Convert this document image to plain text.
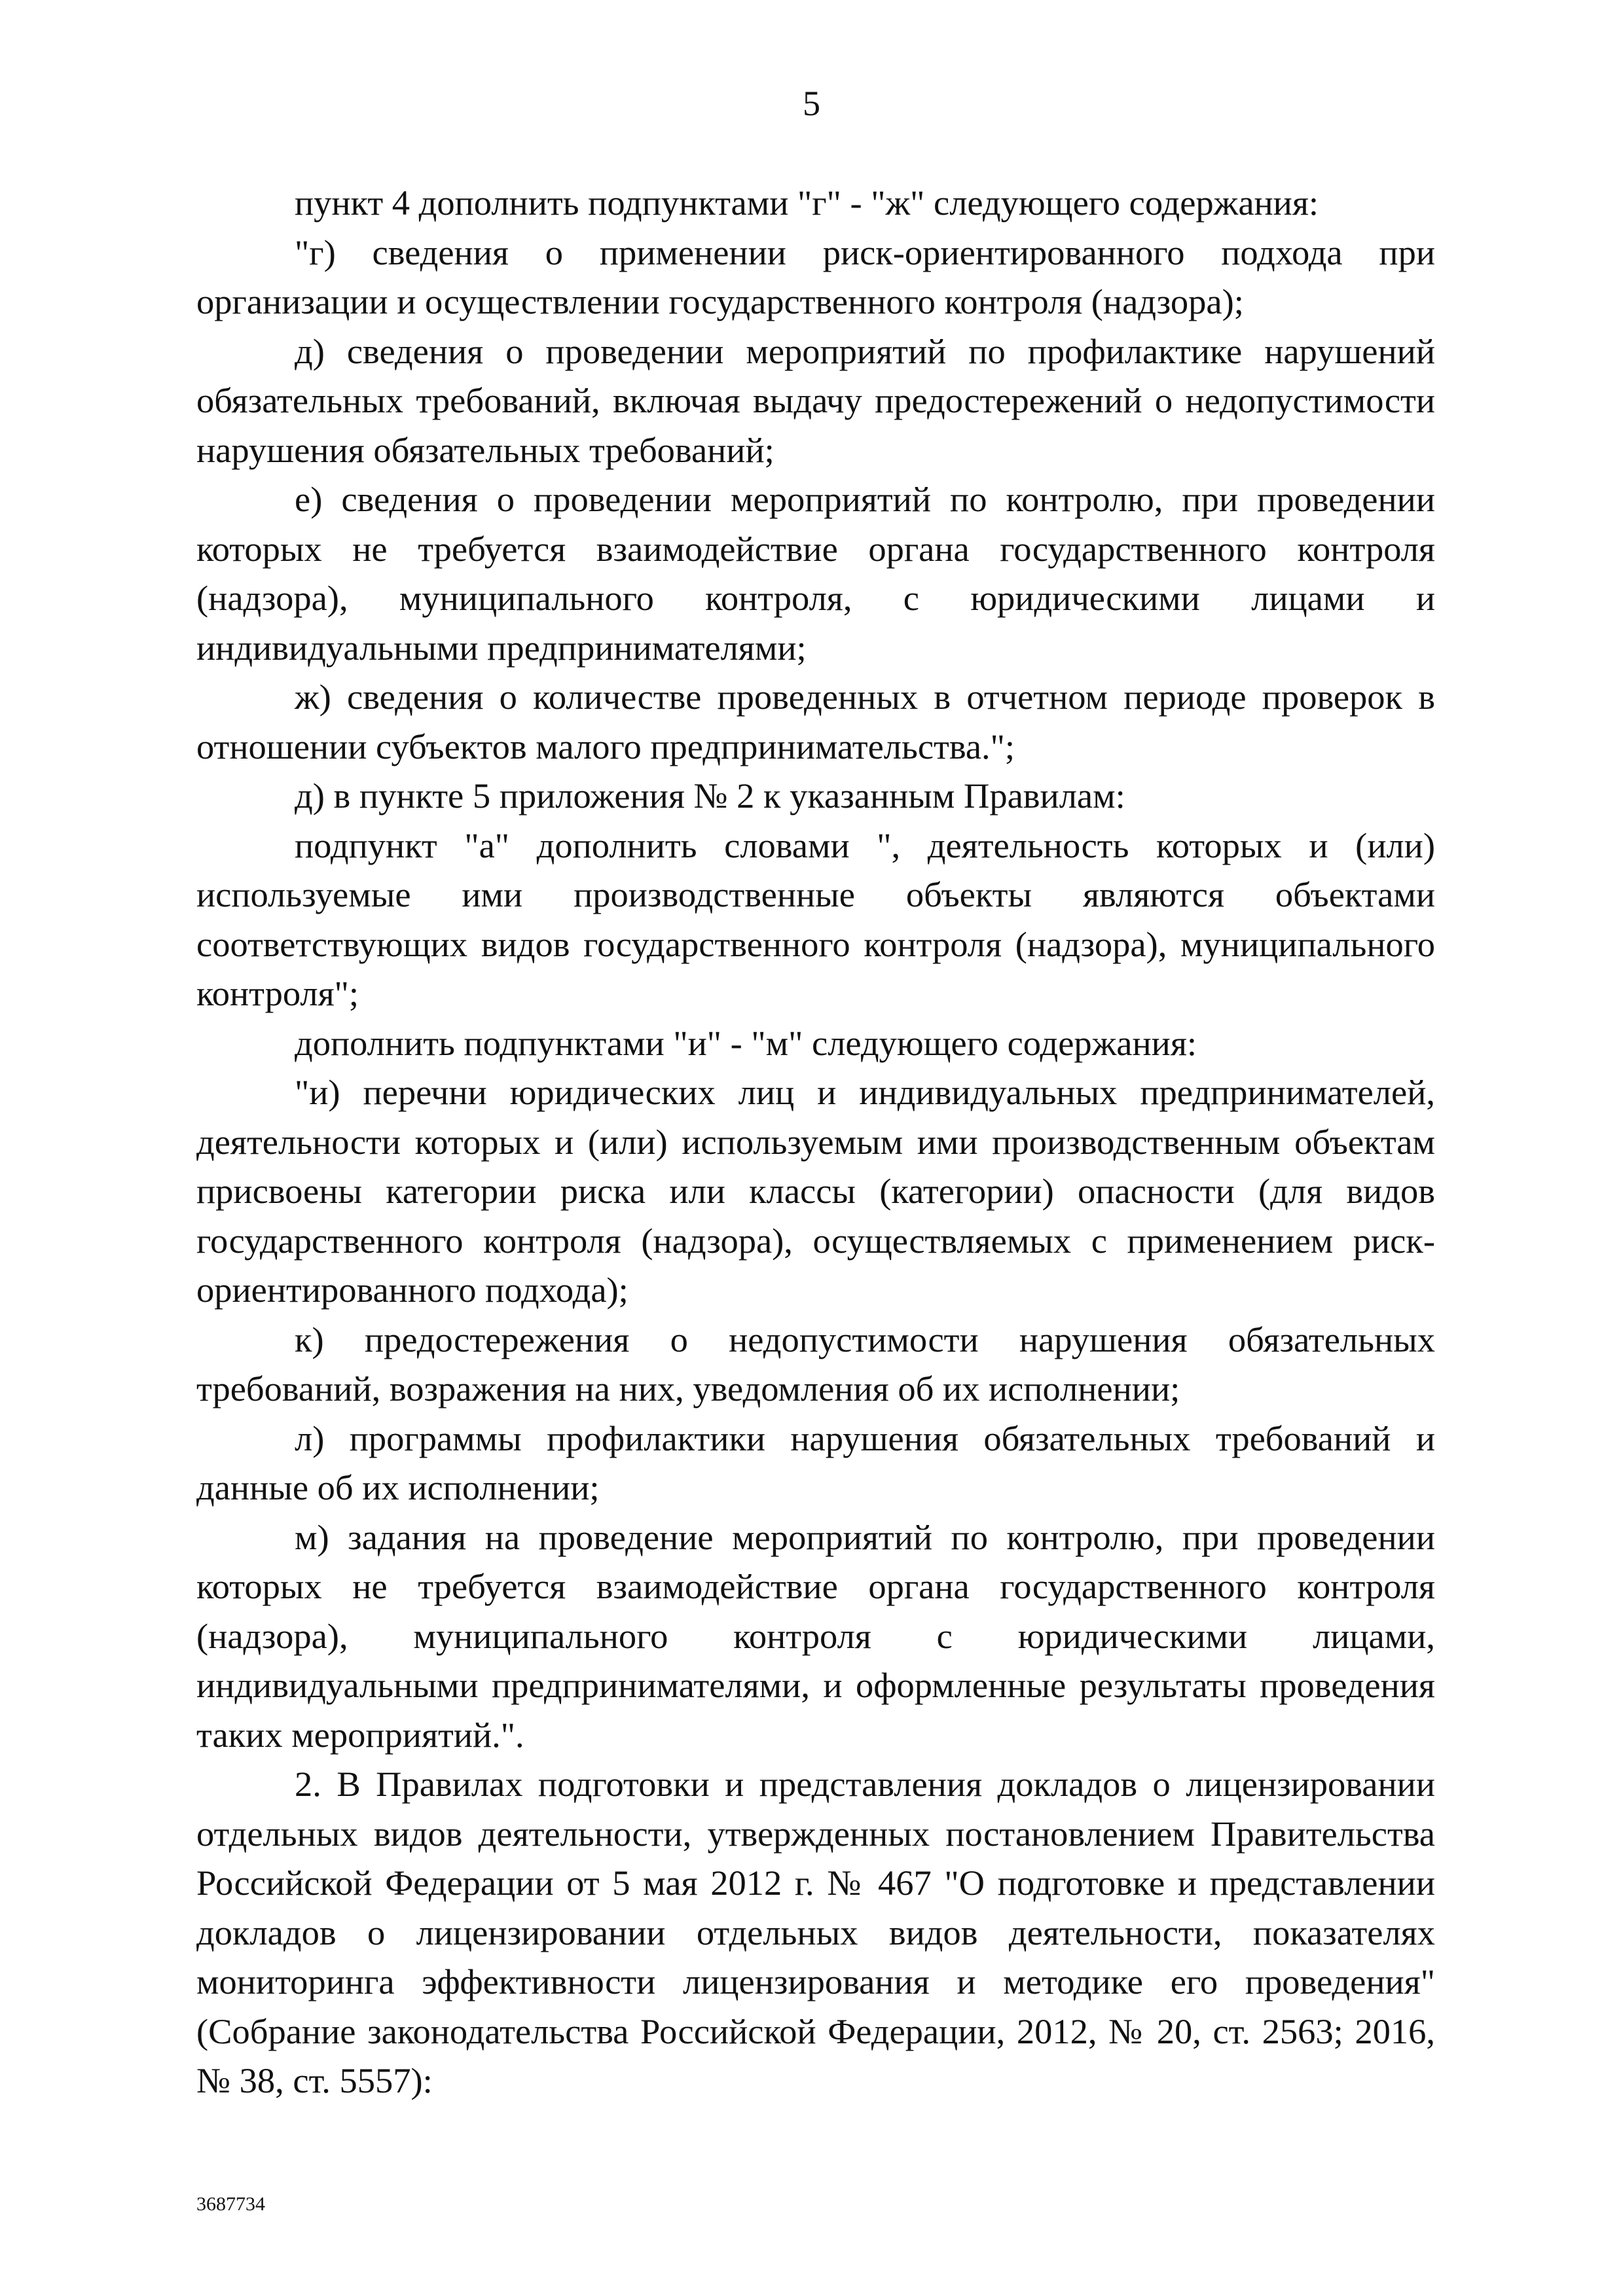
5

пункт 4 дополнить подпунктами "г" - "ж" следующего содержания:

"г) сведения о применении риск-ориентированного подхода при организации и осуществлении государственного контроля (надзора);

д) сведения о проведении мероприятий по профилактике нарушений обязательных требований, включая выдачу предостережений о недопустимости нарушения обязательных требований;

е) сведения о проведении мероприятий по контролю, при проведении которых не требуется взаимодействие органа государственного контроля (надзора), муниципального контроля, с юридическими лицами и индивидуальными предпринимателями;

ж) сведения о количестве проведенных в отчетном периоде проверок в отношении субъектов малого предпринимательства.";

д) в пункте 5 приложения № 2 к указанным Правилам:

подпункт "а" дополнить словами ", деятельность которых и (или) используемые ими производственные объекты являются объектами соответствующих видов государственного контроля (надзора), муниципального контроля";

дополнить подпунктами "и" - "м" следующего содержания:

"и) перечни юридических лиц и индивидуальных предпринимателей, деятельности которых и (или) используемым ими производственным объектам присвоены категории риска или классы (категории) опасности (для видов государственного контроля (надзора), осуществляемых с применением риск-ориентированного подхода);

к) предостережения о недопустимости нарушения обязательных требований, возражения на них, уведомления об их исполнении;

л) программы профилактики нарушения обязательных требований и данные об их исполнении;

м) задания на проведение мероприятий по контролю, при проведении которых не требуется взаимодействие органа государственного контроля (надзора), муниципального контроля с юридическими лицами, индивидуальными предпринимателями, и оформленные результаты проведения таких мероприятий.".

2. В Правилах подготовки и представления докладов о лицензировании отдельных видов деятельности, утвержденных постановлением Правительства Российской Федерации от 5 мая 2012 г. № 467 "О подготовке и представлении докладов о лицензировании отдельных видов деятельности, показателях мониторинга эффективности лицензирования и методике его проведения" (Собрание законодательства Российской Федерации, 2012, № 20, ст. 2563; 2016, № 38, ст. 5557):

3687734
